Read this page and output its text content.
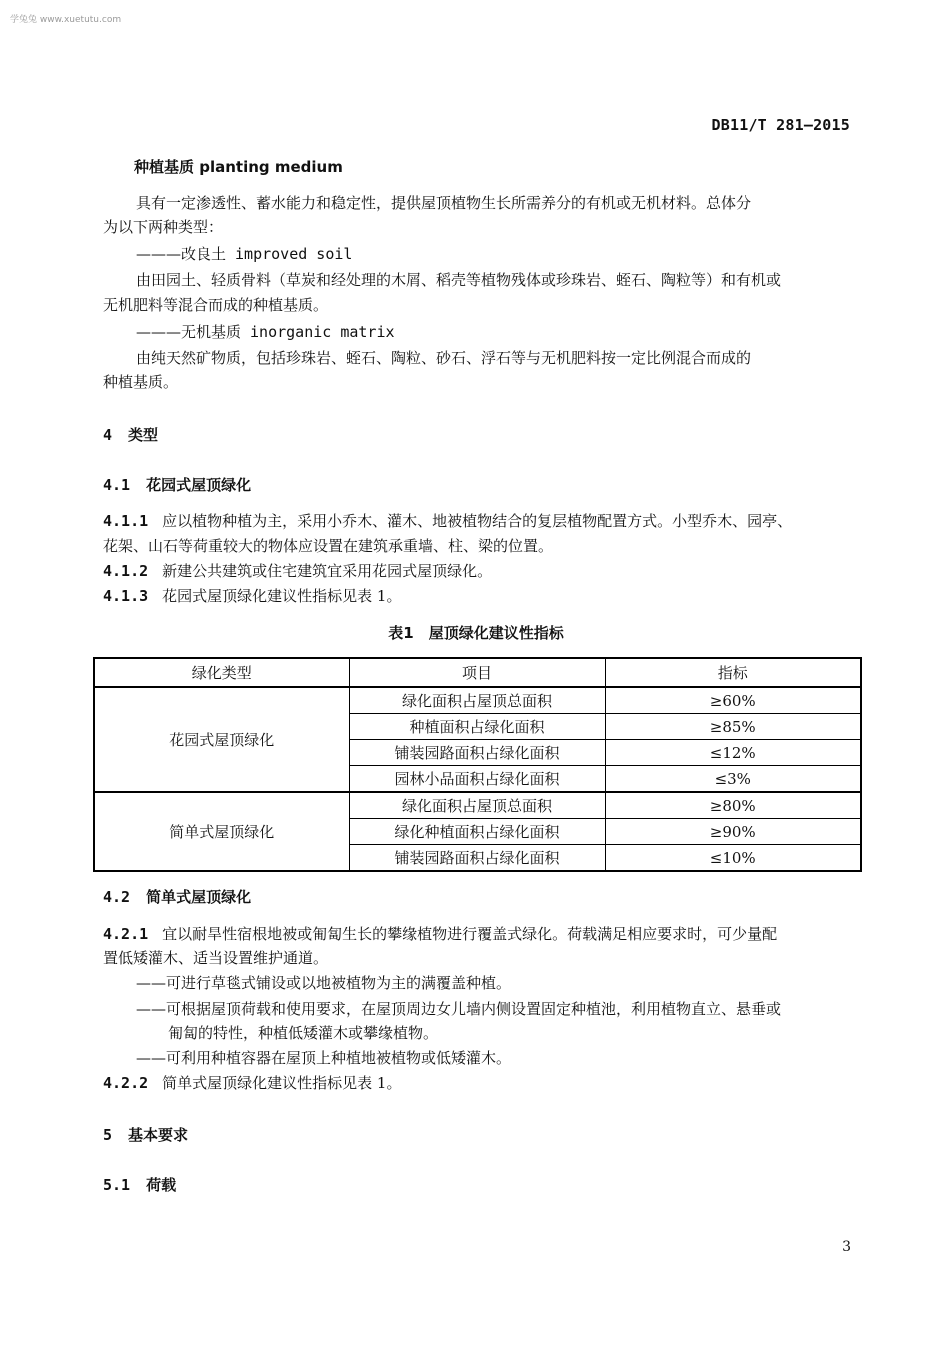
学兔兔 www.xuetutu.com
DB11/T 281—2015
种植基质 planting medium
具有一定渗透性、蓄水能力和稳定性，提供屋顶植物生长所需养分的有机或无机材料。总体分
为以下两种类型：
———改良土 improved soil
由田园土、轻质骨料（草炭和经处理的木屑、稻壳等植物残体或珍珠岩、蛭石、陶粒等）和有机或
无机肥料等混合而成的种植基质。
———无机基质 inorganic matrix
由纯天然矿物质，包括珍珠岩、蛭石、陶粒、砂石、浮石等与无机肥料按一定比例混合而成的
种植基质。
4 类型
4.1 花园式屋顶绿化
4.1.1 应以植物种植为主，采用小乔木、灌木、地被植物结合的复层植物配置方式。小型乔木、园亭、
花架、山石等荷重较大的物体应设置在建筑承重墙、柱、梁的位置。
4.1.2 新建公共建筑或住宅建筑宜采用花园式屋顶绿化。
4.1.3 花园式屋顶绿化建议性指标见表 1。
表1　屋顶绿化建议性指标
绿化类型	项目	指标
花园式屋顶绿化	绿化面积占屋顶总面积	≥60%
	种植面积占绿化面积	≥85%
	铺装园路面积占绿化面积	≤12%
	园林小品面积占绿化面积	≤3%
简单式屋顶绿化	绿化面积占屋顶总面积	≥80%
	绿化种植面积占绿化面积	≥90%
	铺装园路面积占绿化面积	≤10%
4.2 简单式屋顶绿化
4.2.1 宜以耐旱性宿根地被或匍匐生长的攀缘植物进行覆盖式绿化。荷载满足相应要求时，可少量配
置低矮灌木、适当设置维护通道。
——可进行草毯式铺设或以地被植物为主的满覆盖种植。
——可根据屋顶荷载和使用要求，在屋顶周边女儿墙内侧设置固定种植池，利用植物直立、悬垂或
匍匐的特性，种植低矮灌木或攀缘植物。
——可利用种植容器在屋顶上种植地被植物或低矮灌木。
4.2.2 简单式屋顶绿化建议性指标见表 1。
5 基本要求
5.1 荷载
3
